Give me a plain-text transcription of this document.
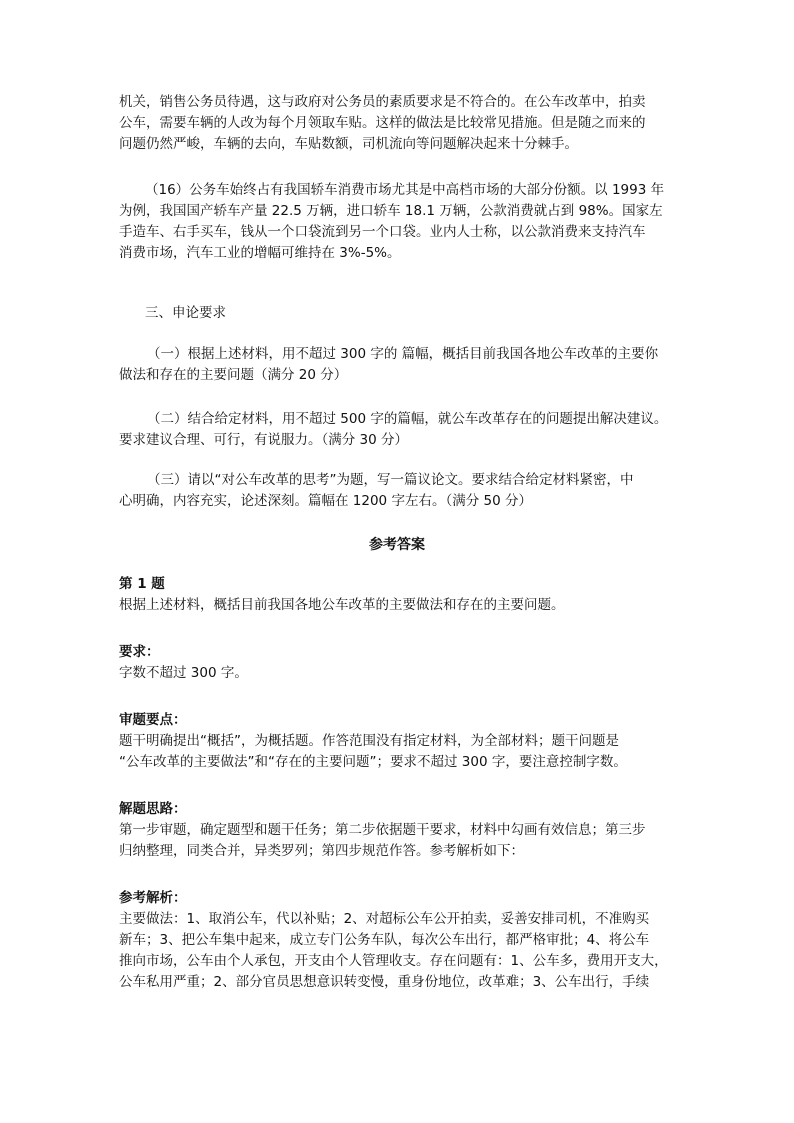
机关，销售公务员待遇，这与政府对公务员的素质要求是不符合的。在公车改革中，拍卖
公车，需要车辆的人改为每个月领取车贴。这样的做法是比较常见措施。但是随之而来的
问题仍然严峻，车辆的去向，车贴数额，司机流向等问题解决起来十分棘手。
（16）公务车始终占有我国轿车消费市场尤其是中高档市场的大部分份额。以 1993 年
为例，我国国产轿车产量 22.5 万辆，进口轿车 18.1 万辆，公款消费就占到 98%。国家左
手造车、右手买车，钱从一个口袋流到另一个口袋。业内人士称，以公款消费来支持汽车
消费市场，汽车工业的增幅可维持在 3%-5%。
三、申论要求
（一）根据上述材料，用不超过 300 字的 篇幅，概括目前我国各地公车改革的主要你
做法和存在的主要问题（满分 20 分）
（二）结合给定材料，用不超过 500 字的篇幅，就公车改革存在的问题提出解决建议。
要求建议合理、可行，有说服力。（满分 30 分）
（三）请以“对公车改革的思考”为题，写一篇议论文。要求结合给定材料紧密，中
心明确，内容充实，论述深刻。篇幅在 1200 字左右。（满分 50 分）
参考答案
第 1 题
根据上述材料，概括目前我国各地公车改革的主要做法和存在的主要问题。
要求：
字数不超过 300 字。
审题要点：
题干明确提出“概括”，为概括题。作答范围没有指定材料，为全部材料；题干问题是
“公车改革的主要做法”和“存在的主要问题”；要求不超过 300 字，要注意控制字数。
解题思路：
第一步审题，确定题型和题干任务；第二步依据题干要求，材料中勾画有效信息；第三步
归纳整理，同类合并，异类罗列；第四步规范作答。参考解析如下：
参考解析：
主要做法：1、取消公车，代以补贴；2、对超标公车公开拍卖，妥善安排司机，不准购买
新车；3、把公车集中起来，成立专门公务车队，每次公车出行，都严格审批；4、将公车
推向市场，公车由个人承包，开支由个人管理收支。存在问题有：1、公车多，费用开支大，
公车私用严重；2、部分官员思想意识转变慢，重身份地位，改革难；3、公车出行，手续
